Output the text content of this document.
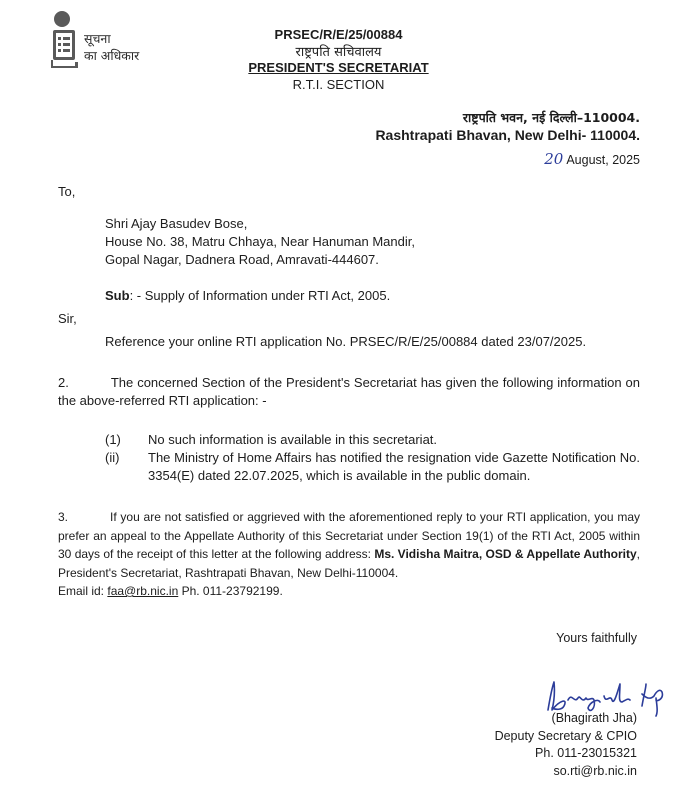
सूचना
का अधिकार
PRSEC/R/E/25/00884
राष्ट्रपति सचिवालय
PRESIDENT'S SECRETARIAT
R.T.I. SECTION
राष्ट्रपति भवन, नई दिल्ली–110004.
Rashtrapati Bhavan, New Delhi- 110004.
20 August, 2025
To,
Shri Ajay Basudev Bose,
House No. 38, Matru Chhaya, Near Hanuman Mandir,
Gopal Nagar, Dadnera Road, Amravati-444607.
Sub: - Supply of Information under RTI Act, 2005.
Sir,
Reference your online RTI application No. PRSEC/R/E/25/00884 dated 23/07/2025.
2.	The concerned Section of the President's Secretariat has given the following information on the above-referred RTI application: -
(1) No such information is available in this secretariat.
(ii) The Ministry of Home Affairs has notified the resignation vide Gazette Notification No. 3354(E) dated 22.07.2025, which is available in the public domain.
3.	If you are not satisfied or aggrieved with the aforementioned reply to your RTI application, you may prefer an appeal to the Appellate Authority of this Secretariat under Section 19(1) of the RTI Act, 2005 within 30 days of the receipt of this letter at the following address: Ms. Vidisha Maitra, OSD & Appellate Authority, President's Secretariat, Rashtrapati Bhavan, New Delhi-110004.
Email id: faa@rb.nic.in Ph. 011-23792199.
Yours faithfully
(Bhagirath Jha)
Deputy Secretary & CPIO
Ph. 011-23015321
so.rti@rb.nic.in
